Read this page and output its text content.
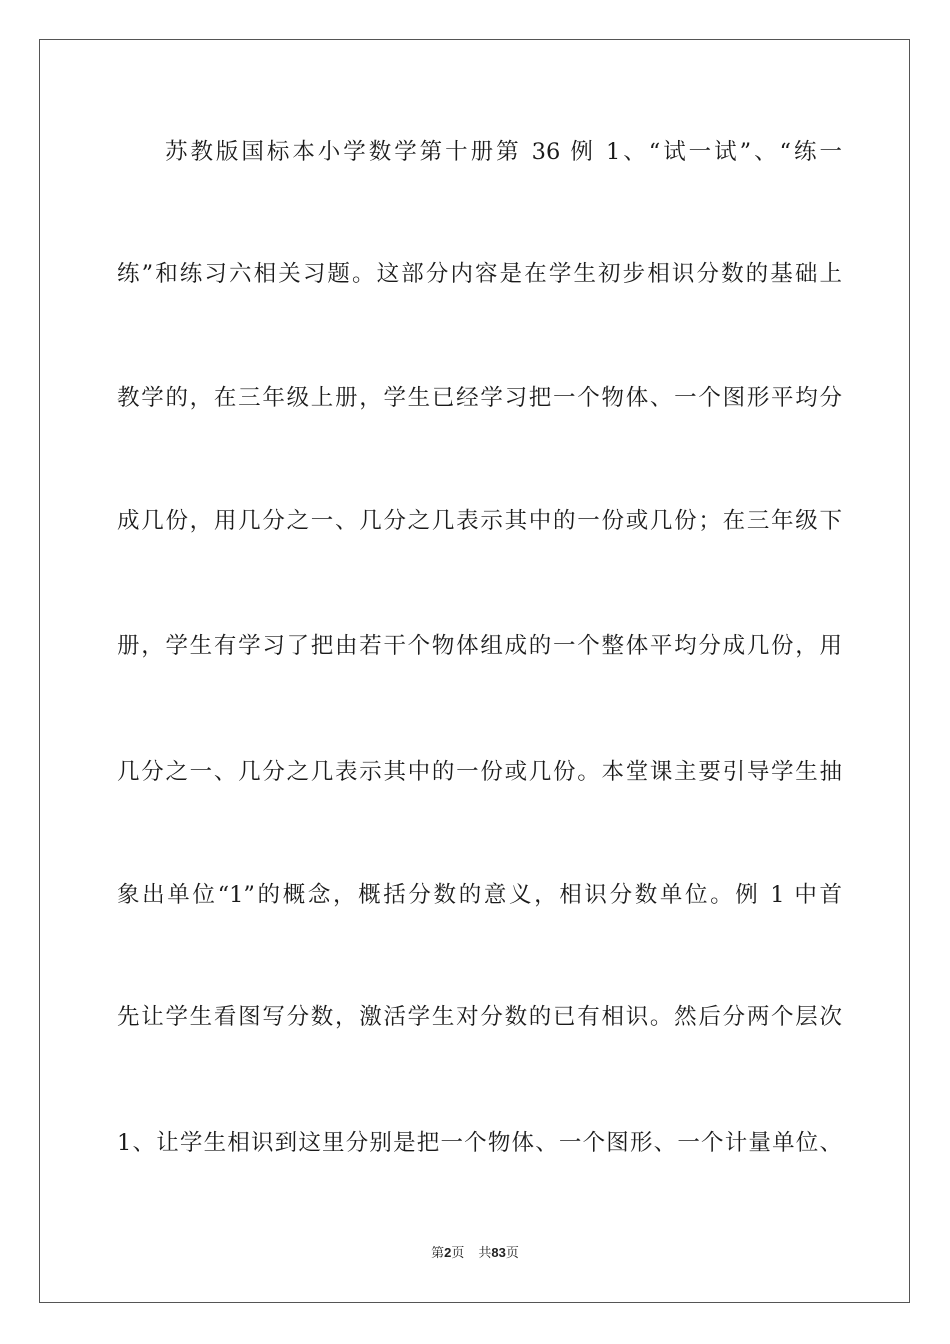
苏教版国标本小学数学第十册第 36 例 1、“试一试”、“练一
练”和练习六相关习题。这部分内容是在学生初步相识分数的基础上
教学的，在三年级上册，学生已经学习把一个物体、一个图形平均分
成几份，用几分之一、几分之几表示其中的一份或几份；在三年级下
册，学生有学习了把由若干个物体组成的一个整体平均分成几份，用
几分之一、几分之几表示其中的一份或几份。本堂课主要引导学生抽
象出单位“1”的概念，概括分数的意义，相识分数单位。例 1 中首
先让学生看图写分数，激活学生对分数的已有相识。然后分两个层次
1、让学生相识到这里分别是把一个物体、一个图形、一个计量单位、
第2页 共83页
